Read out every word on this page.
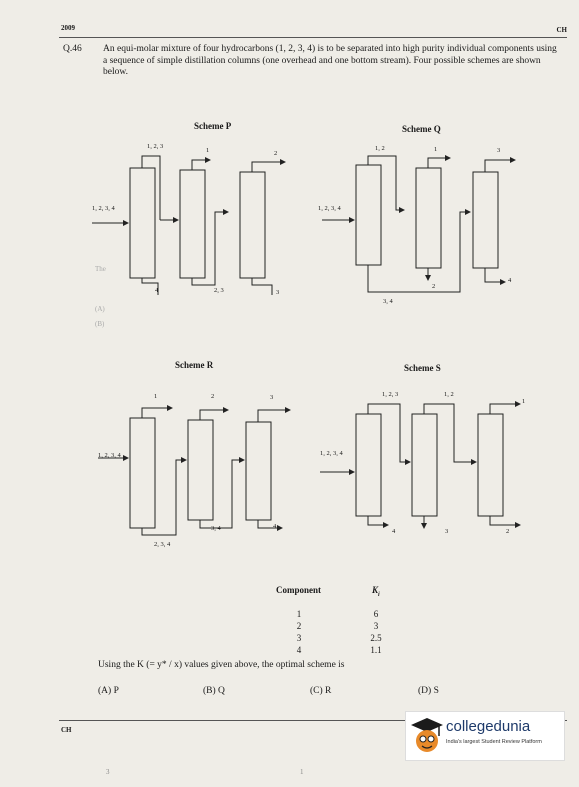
2009	CH
Q.46 An equi-molar mixture of four hydrocarbons (1, 2, 3, 4) is to be separated into high purity individual components using a sequence of simple distillation columns (one overhead and one bottom stream). Four possible schemes are shown below.
Scheme P	Scheme Q
Scheme R	Scheme S
1, 2, 3, 4
1, 2, 3
1	2
4	2, 3	3
1, 2, 3, 4
1, 2	1	3
2
4
3, 4
1, 2, 3, 4
1	2	3
3, 4	4
2, 3, 4
1, 2, 3, 4
1, 2, 3	1, 2
1
4	3	2
The
(A)
(B)
Component	$K_i$
1	6
2	3
3	2.5
4	1.1
Using the K (= y* / x) values given above, the optimal scheme is
(A) P	(B) Q	(C) R	(D) S
CH	collegedunia
India's largest Student Review Platform
3	1
